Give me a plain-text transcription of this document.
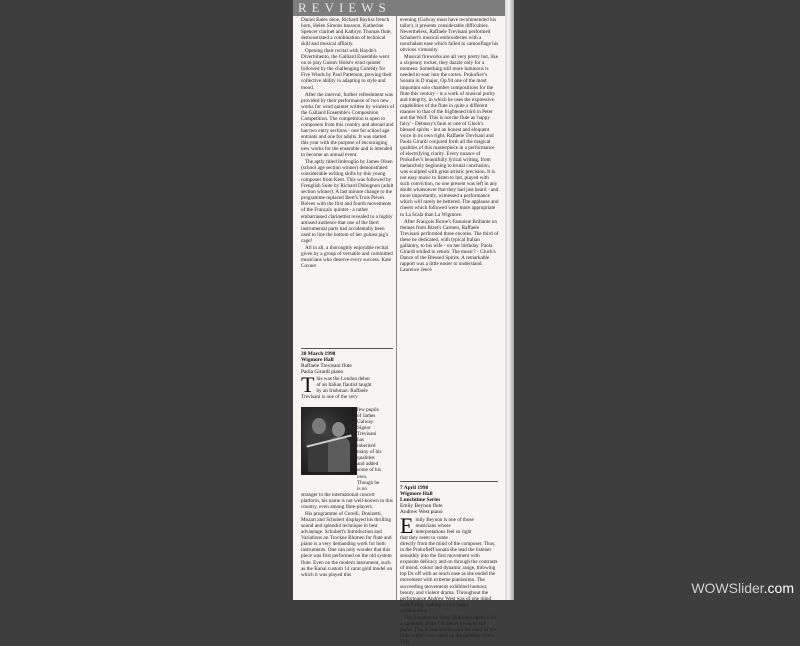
REVIEWS

Daniel Bates oboe, Richard Bayliss french horn, Helen Simons bassoon, Katherine Spencer clarinet and Kathryn Thomas flute, demonstrated a combination of technical skill and musical affinity.

Opening their recital with Haydn's Divertimento, the Galliard Ensemble went on to play Gustav Holst's wind quintet followed by the challenging Comedy for Five Winds by Paul Patterson, proving their collective ability in adapting to style and mood.

After the interval, further refreshment was provided by their performance of two new works for wind quintet written by winners of the Galliard Ensemble's Composition Competition. The competition is open to composers from this country and abroad and has two entry sections - one for school age entrants and one for adults. It was started this year with the purpose of encouraging new works for the ensemble and is intended to become an annual event.

The aptly titled Imbroglio by James Olsen (school age section winner) demonstrated considerable writing skills by this young composer from Kent. This was followed by Frenglish Suite by Richard Dubugnon (adult section winner). A last minute change to the programme replaced Ibert's Trois Pièces Brèves with the first and fourth movements of the Françaix quintet - a rather embarrassed clarinettist revealed to a highly amused audience that one of the Ibert instrumental parts had accidentally been used to line the bottom of her guinea pig's cage!

All in all, a thoroughly enjoyable recital given by a group of versatile and committed musicians who deserve every success. Kate Coxner

30 March 1998
Wigmore Hall
Raffaele Trevisani flute
Paola Girardi piano
T his was the London debut
of an Italian flautist taught
by an Irishman: Raffaele
Trevisani is one of the very
few pupils
of James
Galway.
Signor
Trevisani
has
inherited
many of his
qualities
and added
some of his
own.
Though he
is no

stranger to the international concert platform, his name is not well-known in this country, even among flute-players.

His programme of Corelli, Donizetti, Mozart and Schubert displayed his thrilling sound and splendid technique to best advantage. Schubert's Introduction and Variations on Trockne Blumen for flute and piano is a very demanding work for both instruments. One can only wonder that this piece was first performed on the old system flute. Even on the modern instrument, such as the Kanai custom 14 carat gold model on which it was played this

evening (Galway must have recommended his tailor), it presents considerable difficulties. Nevertheless, Raffaele Trevisani performed Schubert's musical embroideries with a nonchalant ease which failed to camouflage his obvious virtuosity.

Musical fireworks are all very pretty but, like a sixpenny rocket, they dazzle only for a moment. Something still more luminous is needed to soar into the cortex. Prokofiev's Sonata in D major, Op.94 one of the most important solo chamber compositions for the flute this century - is a work of musical purity and integrity, in which he uses the expressive capabilities of the flute in quite a different manner to that of the frightened bird in Peter and the Wolf. This is not the flute as 'happy fairy' - Debussy's faun or one of Gluck's blessed spirits - but an honest and eloquent voice in its own right. Raffaele Trevisani and Paola Girardi conjured forth all the magical qualities of this masterpiece in a performance of electrifying clarity. Every nuance of Prokofiev's beautifully lyrical writing, from melancholy beginning to brutal conclusion, was sculpted with great artistic precision. It is not easy music to listen to but, played with such conviction, no one present was left in any doubt whatsoever that they had just heard - and more importantly, witnessed a performance which will rarely be bettered. The applause and cheers which followed were more appropriate to La Scala than La Wigmore.

After François Borne's Fantaisie Brillante on themes from Bizet's Carmen, Raffaele Trevisani performed three encores. The third of these he dedicated, with typical Italian gallantry, to his wife - on her birthday. Paola Girardi smiled in return. The music? - Gluck's Dance of the Blessed Spirits. A remarkable rapport was a little easier to understand. Laurence Jeece

7 April 1998
Wigmore Hall
Lunchtime Series
Emily Beynon flute
Andrew West piano
E mily Beynon is one of those
musicians whose
interpretations feel so right
that they seem to come

directly from the mind of the composer. Thus, in the Prokofieff sonata she lead the listener smoothly into the first movement with exquisite delicacy and on through the contrasts of mood, colour and dynamic range, throwing top Ds off with as much ease as she ended the movement with extreme pianissimo. The succeeding movements exhibited humour, beauty, and violent drama. Throughout the performance Andrew West was of one mind with Emily, making a very happy collaboration.

The Sonatine by Henri Dutilleux opens with a statement of the 7/8 theme given by the piano. This is interwoven with the entry of the flute, which soon takes up the opening theme. This

WOWSlider.com
